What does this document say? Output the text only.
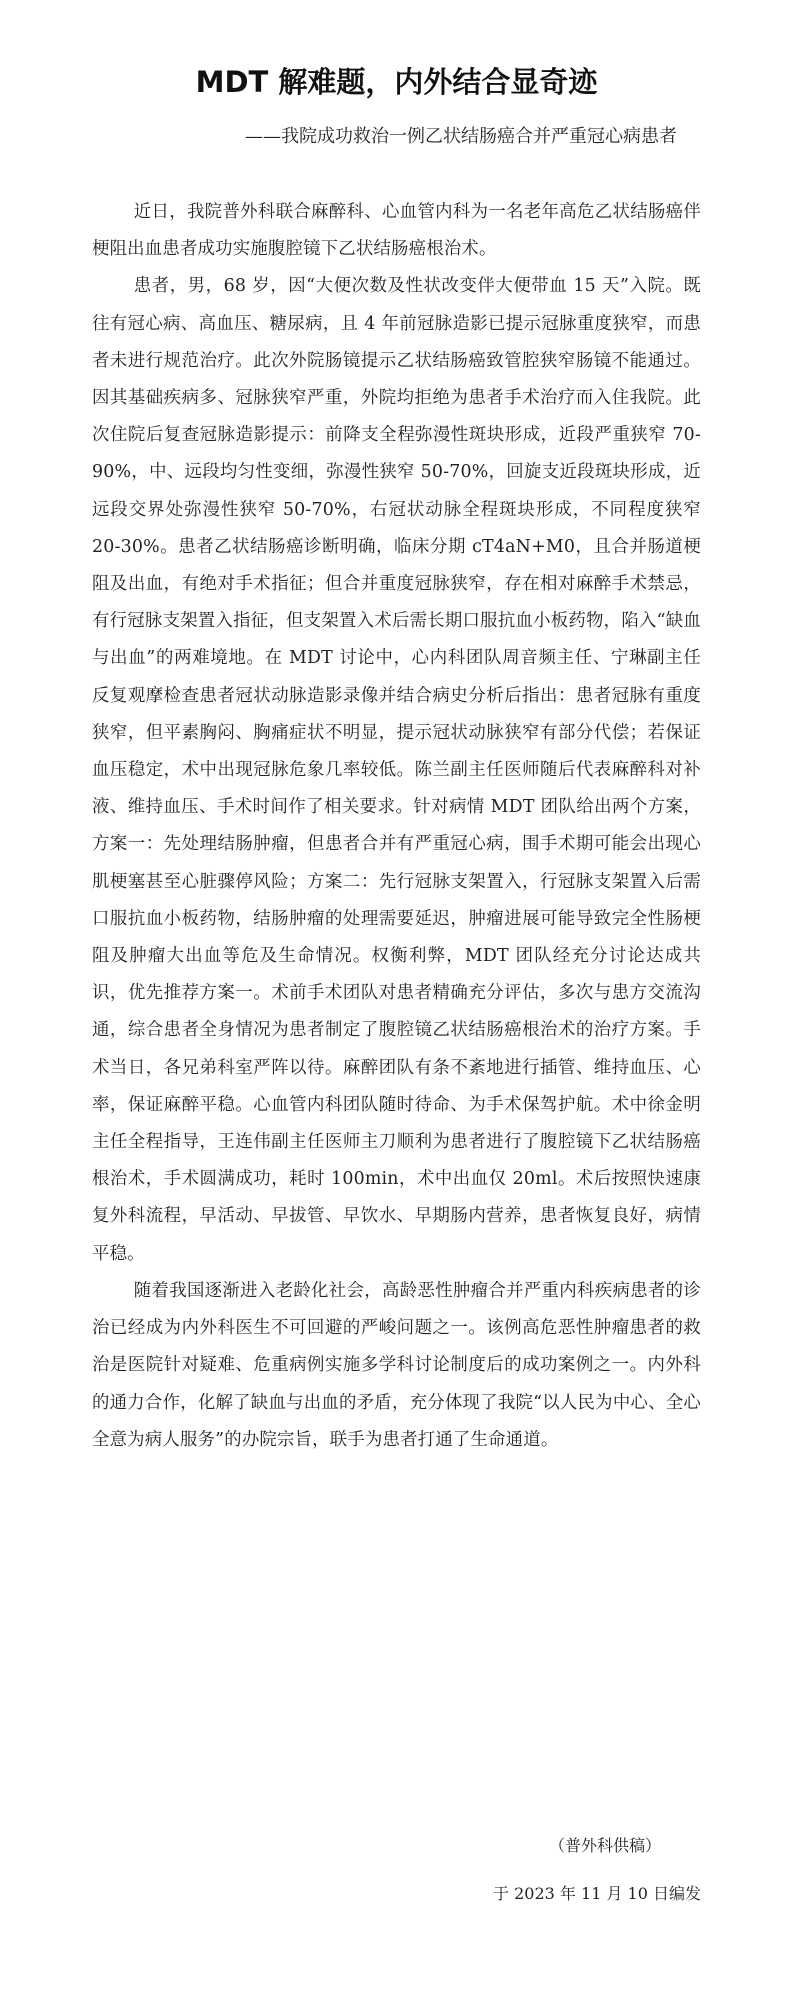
MDT 解难题，内外结合显奇迹
——我院成功救治一例乙状结肠癌合并严重冠心病患者

近日，我院普外科联合麻醉科、心血管内科为一名老年高危乙状结肠癌伴梗阻出血患者成功实施腹腔镜下乙状结肠癌根治术。

患者，男，68 岁，因“大便次数及性状改变伴大便带血 15 天”入院。既往有冠心病、高血压、糖尿病，且 4 年前冠脉造影已提示冠脉重度狭窄，而患者未进行规范治疗。此次外院肠镜提示乙状结肠癌致管腔狭窄肠镜不能通过。因其基础疾病多、冠脉狭窄严重，外院均拒绝为患者手术治疗而入住我院。此次住院后复查冠脉造影提示：前降支全程弥漫性斑块形成，近段严重狭窄 70-90%，中、远段均匀性变细，弥漫性狭窄 50-70%，回旋支近段斑块形成，近远段交界处弥漫性狭窄 50-70%，右冠状动脉全程斑块形成，不同程度狭窄 20-30%。患者乙状结肠癌诊断明确，临床分期 cT4aN+M0，且合并肠道梗阻及出血，有绝对手术指征；但合并重度冠脉狭窄，存在相对麻醉手术禁忌，有行冠脉支架置入指征，但支架置入术后需长期口服抗血小板药物，陷入“缺血与出血”的两难境地。在 MDT 讨论中，心内科团队周音频主任、宁琳副主任反复观摩检查患者冠状动脉造影录像并结合病史分析后指出：患者冠脉有重度狭窄，但平素胸闷、胸痛症状不明显，提示冠状动脉狭窄有部分代偿；若保证血压稳定，术中出现冠脉危象几率较低。陈兰副主任医师随后代表麻醉科对补液、维持血压、手术时间作了相关要求。针对病情 MDT 团队给出两个方案，方案一：先处理结肠肿瘤，但患者合并有严重冠心病，围手术期可能会出现心肌梗塞甚至心脏骤停风险；方案二：先行冠脉支架置入，行冠脉支架置入后需口服抗血小板药物，结肠肿瘤的处理需要延迟，肿瘤进展可能导致完全性肠梗阻及肿瘤大出血等危及生命情况。权衡利弊，MDT 团队经充分讨论达成共识，优先推荐方案一。术前手术团队对患者精确充分评估，多次与患方交流沟通，综合患者全身情况为患者制定了腹腔镜乙状结肠癌根治术的治疗方案。手术当日，各兄弟科室严阵以待。麻醉团队有条不紊地进行插管、维持血压、心率，保证麻醉平稳。心血管内科团队随时待命、为手术保驾护航。术中徐金明主任全程指导，王连伟副主任医师主刀顺利为患者进行了腹腔镜下乙状结肠癌根治术，手术圆满成功，耗时 100min，术中出血仅 20ml。术后按照快速康复外科流程，早活动、早拔管、早饮水、早期肠内营养，患者恢复良好，病情平稳。

随着我国逐渐进入老龄化社会，高龄恶性肿瘤合并严重内科疾病患者的诊治已经成为内外科医生不可回避的严峻问题之一。该例高危恶性肿瘤患者的救治是医院针对疑难、危重病例实施多学科讨论制度后的成功案例之一。内外科的通力合作，化解了缺血与出血的矛盾，充分体现了我院“以人民为中心、全心全意为病人服务”的办院宗旨，联手为患者打通了生命通道。

（普外科供稿）
于 2023 年 11 月 10 日编发
